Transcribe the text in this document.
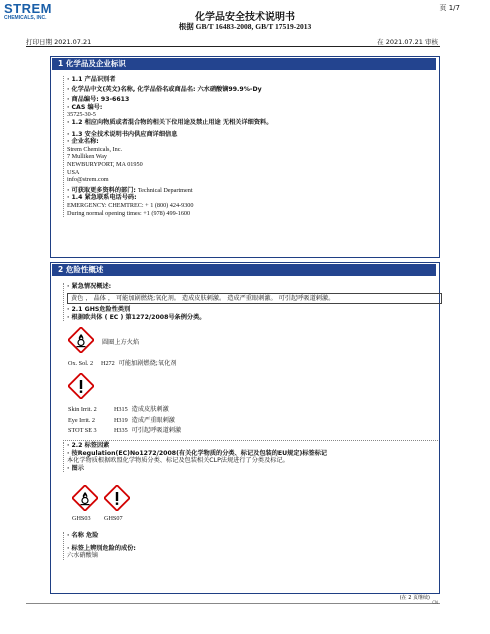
STREM
CHEMICALS, INC.
页 1/7
化学品安全技术说明书
根据 GB/T 16483-2008, GB/T 17519-2013
打印日期 2021.07.21	在 2021.07.21 审核
1 化学品及企业标识
· 1.1 产品识别者
· 化学品中文(英文)名称, 化学品俗名或商品名: 六水硝酸镝99.9%-Dy
· 商品编号: 93-6613
· CAS 编号:
35725-30-5
· 1.2 相应向物质或者混合物的相关下位用途及禁止用途 无相关详细资料。
· 1.3 安全技术说明书内供应商详细信息
· 企业名称:
Strem Chemicals, Inc.
7 Mulliken Way
NEWBURYPORT, MA 01950
USA
info@strem.com
· 可获取更多资料的部门: Technical Department
· 1.4 紧急联系电话号码:
EMERGENCY: CHEMTREC: + 1 (800) 424-9300
During normal opening times: +1 (978) 499-1600
2 危险性概述
· 紧急情况概述:
黄色 ， 晶体 ， 可能加剧燃烧;氧化剂。 造成皮肤刺激。 造成严重眼刺激。 可引起呼吸道刺激。
· 2.1 GHS危险性类别
· 根据欧共体 ( EC ) 第1272/2008号条例分类。
圆圈上方火焰
Ox. Sol. 2 H272 可能加剧燃烧;氧化剂
Skin Irrit. 2	H315 造成皮肤刺激
Eye Irrit. 2	H319 造成严重眼刺激
STOT SE 3	H335 可引起呼吸道刺激
· 2.2 标签因素
· 按Regulation(EC)No1272/2008(有关化学物质的分类、标记及包装的EU规定)标签标记
本化学物质根据欧盟化学物质分类、标记及包装相关CLP法规进行了分类及标记。
· 图示
GHS03 GHS07
· 名称 危险
· 标签上辨别危险的成份:
六水硝酸镝
(在 2 页继续)
CN
